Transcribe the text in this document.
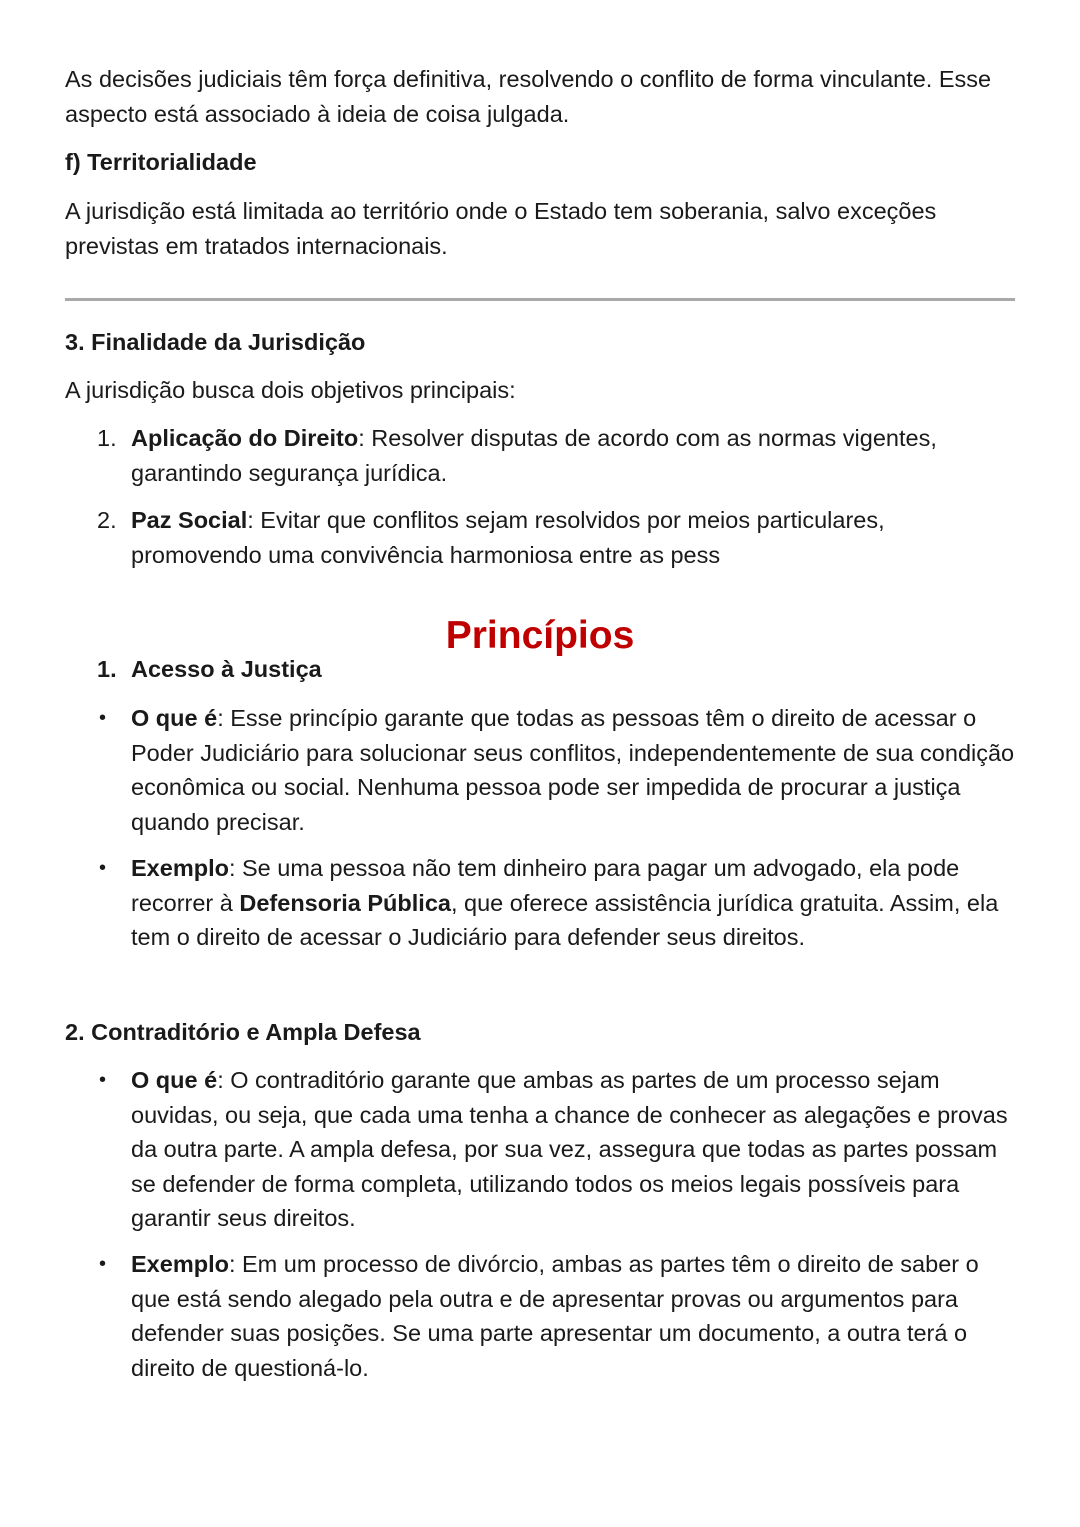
As decisões judiciais têm força definitiva, resolvendo o conflito de forma vinculante. Esse aspecto está associado à ideia de coisa julgada.

f) Territorialidade

A jurisdição está limitada ao território onde o Estado tem soberania, salvo exceções previstas em tratados internacionais.

3. Finalidade da Jurisdição

A jurisdição busca dois objetivos principais:

1. Aplicação do Direito: Resolver disputas de acordo com as normas vigentes, garantindo segurança jurídica.

2. Paz Social: Evitar que conflitos sejam resolvidos por meios particulares, promovendo uma convivência harmoniosa entre as pess

Princípios
1. Acesso à Justiça
• O que é: Esse princípio garante que todas as pessoas têm o direito de acessar o Poder Judiciário para solucionar seus conflitos, independentemente de sua condição econômica ou social. Nenhuma pessoa pode ser impedida de procurar a justiça quando precisar.

• Exemplo: Se uma pessoa não tem dinheiro para pagar um advogado, ela pode recorrer à Defensoria Pública, que oferece assistência jurídica gratuita. Assim, ela tem o direito de acessar o Judiciário para defender seus direitos.

2. Contraditório e Ampla Defesa
• O que é: O contraditório garante que ambas as partes de um processo sejam ouvidas, ou seja, que cada uma tenha a chance de conhecer as alegações e provas da outra parte. A ampla defesa, por sua vez, assegura que todas as partes possam se defender de forma completa, utilizando todos os meios legais possíveis para garantir seus direitos.

• Exemplo: Em um processo de divórcio, ambas as partes têm o direito de saber o que está sendo alegado pela outra e de apresentar provas ou argumentos para defender suas posições. Se uma parte apresentar um documento, a outra terá o direito de questioná-lo.
